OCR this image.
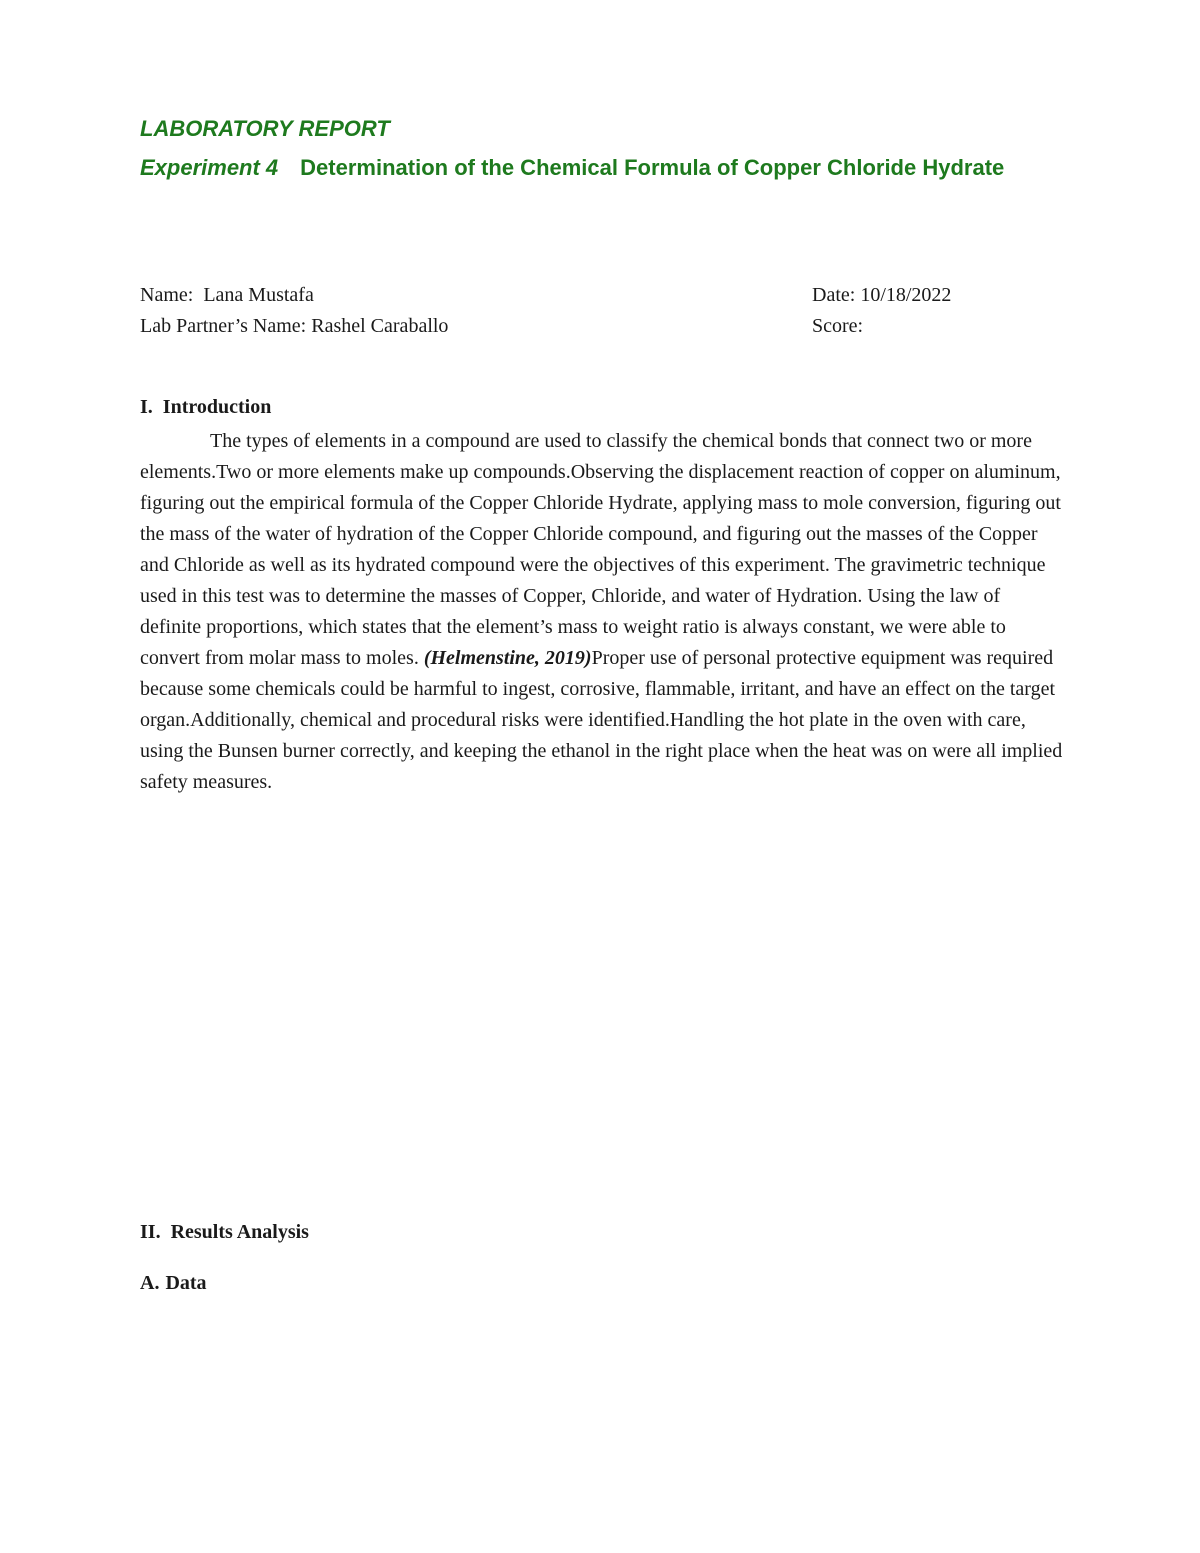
LABORATORY REPORT
Experiment 4 Determination of the Chemical Formula of Copper Chloride Hydrate
Name: Lana Mustafa
Lab Partner’s Name: Rashel Caraballo
Date: 10/18/2022
Score:
I. Introduction

The types of elements in a compound are used to classify the chemical bonds that connect two or more elements.Two or more elements make up compounds.Observing the displacement reaction of copper on aluminum, figuring out the empirical formula of the Copper Chloride Hydrate, applying mass to mole conversion, figuring out the mass of the water of hydration of the Copper Chloride compound, and figuring out the masses of the Copper and Chloride as well as its hydrated compound were the objectives of this experiment. The gravimetric technique used in this test was to determine the masses of Copper, Chloride, and water of Hydration. Using the law of definite proportions, which states that the element’s mass to weight ratio is always constant, we were able to convert from molar mass to moles. (Helmenstine, 2019)Proper use of personal protective equipment was required because some chemicals could be harmful to ingest, corrosive, flammable, irritant, and have an effect on the target organ.Additionally, chemical and procedural risks were identified.Handling the hot plate in the oven with care, using the Bunsen burner correctly, and keeping the ethanol in the right place when the heat was on were all implied safety measures.

II. Results Analysis
A. Data
